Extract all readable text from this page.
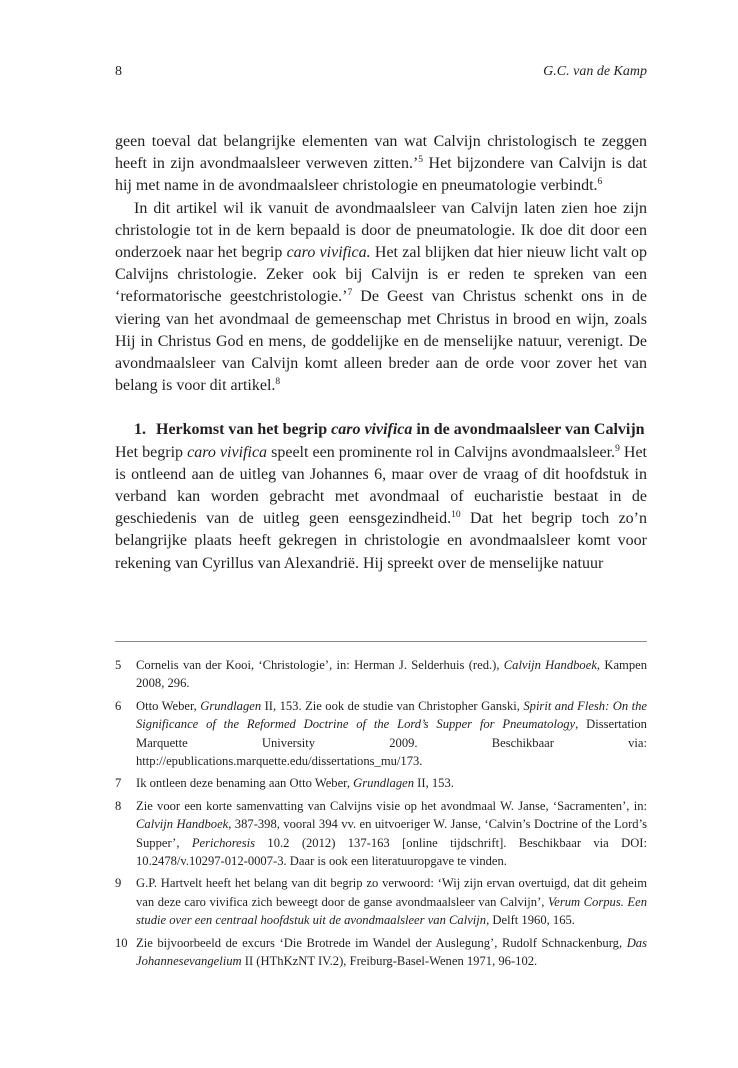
8	G.C. van de Kamp

geen toeval dat belangrijke elementen van wat Calvijn christologisch te zeggen heeft in zijn avondmaalsleer verweven zitten.’$^5$ Het bijzondere van Calvijn is dat hij met name in de avondmaalsleer christologie en pneumatologie verbindt.$^6$

In dit artikel wil ik vanuit de avondmaalsleer van Calvijn laten zien hoe zijn christologie tot in de kern bepaald is door de pneumatologie. Ik doe dit door een onderzoek naar het begrip caro vivifica. Het zal blijken dat hier nieuw licht valt op Calvijns christologie. Zeker ook bij Calvijn is er reden te spreken van een ‘reformatorische geestchristologie.’$^7$ De Geest van Christus schenkt ons in de viering van het avondmaal de gemeenschap met Christus in brood en wijn, zoals Hij in Christus God en mens, de goddelijke en de menselijke natuur, verenigt. De avondmaalsleer van Calvijn komt alleen breder aan de orde voor zover het van belang is voor dit artikel.$^8$

1. Herkomst van het begrip caro vivifica in de avondmaalsleer van Calvijn

Het begrip caro vivifica speelt een prominente rol in Calvijns avondmaalsleer.$^9$ Het is ontleend aan de uitleg van Johannes 6, maar over de vraag of dit hoofdstuk in verband kan worden gebracht met avondmaal of eucharistie bestaat in de geschiedenis van de uitleg geen eensgezindheid.$^{10}$ Dat het begrip toch zo’n belangrijke plaats heeft gekregen in christologie en avondmaalsleer komt voor rekening van Cyrillus van Alexandrië. Hij spreekt over de menselijke natuur

5	Cornelis van der Kooi, ‘Christologie’, in: Herman J. Selderhuis (red.), Calvijn Handboek, Kampen 2008, 296.
6	Otto Weber, Grundlagen II, 153. Zie ook de studie van Christopher Ganski, Spirit and Flesh: On the Significance of the Reformed Doctrine of the Lord’s Supper for Pneumatology, Dissertation Marquette University 2009. Beschikbaar via: http://epublications.marquette.edu/dissertations_mu/173.
7	Ik ontleen deze benaming aan Otto Weber, Grundlagen II, 153.
8	Zie voor een korte samenvatting van Calvijns visie op het avondmaal W. Janse, ‘Sacramenten’, in: Calvijn Handboek, 387-398, vooral 394 vv. en uitvoeriger W. Janse, ‘Calvin’s Doctrine of the Lord’s Supper’, Perichoresis 10.2 (2012) 137-163 [online tijdschrift]. Beschikbaar via DOI: 10.2478/v.10297-012-0007-3. Daar is ook een literatuuropgave te vinden.
9	G.P. Hartvelt heeft het belang van dit begrip zo verwoord: ‘Wij zijn ervan overtuigd, dat dit geheim van deze caro vivifica zich beweegt door de ganse avondmaalsleer van Calvijn’, Verum Corpus. Een studie over een centraal hoofdstuk uit de avondmaalsleer van Calvijn, Delft 1960, 165.
10 Zie bijvoorbeeld de excurs ‘Die Brotrede im Wandel der Auslegung’, Rudolf Schnackenburg, Das Johannesevangelium II (HThKzNT IV.2), Freiburg-Basel-Wenen 1971, 96-102.
